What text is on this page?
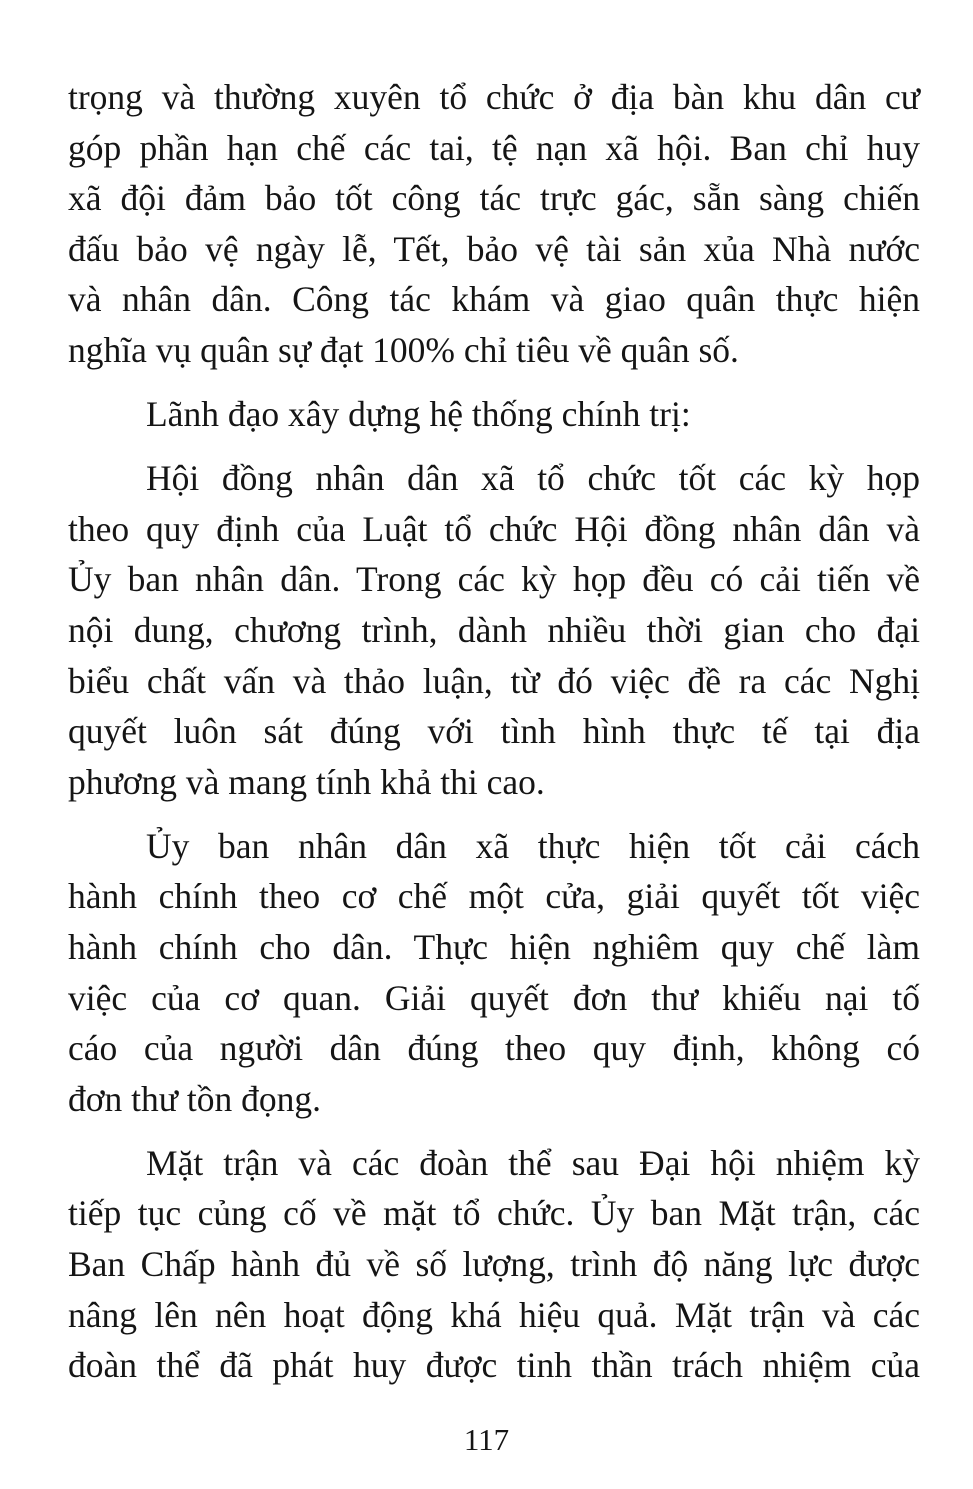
trọng và thường xuyên tổ chức ở địa bàn khu dân cư
góp phần hạn chế các tai, tệ nạn xã hội. Ban chỉ huy
xã đội đảm bảo tốt công tác trực gác, sẵn sàng chiến
đấu bảo vệ ngày lễ, Tết, bảo vệ tài sản xủa Nhà nước
và nhân dân. Công tác khám và giao quân thực hiện
nghĩa vụ quân sự đạt 100% chỉ tiêu về quân số.
Lãnh đạo xây dựng hệ thống chính trị:
Hội đồng nhân dân xã tổ chức tốt các kỳ họp
theo quy định của Luật tổ chức Hội đồng nhân dân và
Ủy ban nhân dân. Trong các kỳ họp đều có cải tiến về
nội dung, chương trình, dành nhiều thời gian cho đại
biểu chất vấn và thảo luận, từ đó việc đề ra các Nghị
quyết luôn sát đúng với tình hình thực tế tại địa
phương và mang tính khả thi cao.
Ủy ban nhân dân xã thực hiện tốt cải cách
hành chính theo cơ chế một cửa, giải quyết tốt việc
hành chính cho dân. Thực hiện nghiêm quy chế làm
việc của cơ quan. Giải quyết đơn thư khiếu nại tố
cáo của người dân đúng theo quy định, không có
đơn thư tồn đọng.
Mặt trận và các đoàn thể sau Đại hội nhiệm kỳ
tiếp tục củng cố về mặt tổ chức. Ủy ban Mặt trận, các
Ban Chấp hành đủ về số lượng, trình độ năng lực được
nâng lên nên hoạt động khá hiệu quả. Mặt trận và các
đoàn thể đã phát huy được tinh thần trách nhiệm của
117
